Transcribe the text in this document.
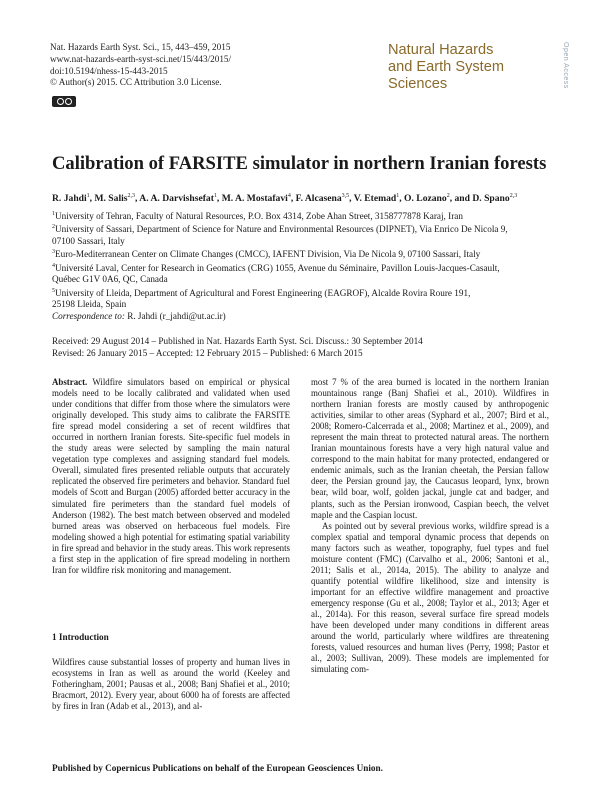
Nat. Hazards Earth Syst. Sci., 15, 443–459, 2015
www.nat-hazards-earth-syst-sci.net/15/443/2015/
doi:10.5194/nhess-15-443-2015
© Author(s) 2015. CC Attribution 3.0 License.
Natural Hazards
and Earth System
Sciences	Open Access
Calibration of FARSITE simulator in northern Iranian forests
R. Jahdi$^1$, M. Salis$^{2,3}$, A. A. Darvishsefat$^1$, M. A. Mostafavi$^4$, F. Alcasena$^{3,5}$, V. Etemad$^1$, O. Lozano$^2$, and D. Spano$^{2,3}$
$^1$University of Tehran, Faculty of Natural Resources, P.O. Box 4314, Zobe Ahan Street, 3158777878 Karaj, Iran
$^2$University of Sassari, Department of Science for Nature and Environmental Resources (DIPNET), Via Enrico De Nicola 9,
07100 Sassari, Italy
$^3$Euro-Mediterranean Center on Climate Changes (CMCC), IAFENT Division, Via De Nicola 9, 07100 Sassari, Italy
$^4$Université Laval, Center for Research in Geomatics (CRG) 1055, Avenue du Séminaire, Pavillon Louis-Jacques-Casault,
Québec G1V 0A6, QC, Canada
$^5$University of Lleida, Department of Agricultural and Forest Engineering (EAGROF), Alcalde Rovira Roure 191,
25198 Lleida, Spain
Correspondence to: R. Jahdi (r_jahdi@ut.ac.ir)
Received: 29 August 2014 – Published in Nat. Hazards Earth Syst. Sci. Discuss.: 30 September 2014
Revised: 26 January 2015 – Accepted: 12 February 2015 – Published: 6 March 2015

Abstract. Wildfire simulators based on empirical or physical models need to be locally calibrated and validated when used under conditions that differ from those where the simulators were originally developed. This study aims to calibrate the FARSITE fire spread model considering a set of recent wildfires that occurred in northern Iranian forests. Site-specific fuel models in the study areas were selected by sampling the main natural vegetation type complexes and assigning standard fuel models. Overall, simulated fires presented reliable outputs that accurately replicated the observed fire perimeters and behavior. Standard fuel models of Scott and Burgan (2005) afforded better accuracy in the simulated fire perimeters than the standard fuel models of Anderson (1982). The best match between observed and modeled burned areas was observed on herbaceous fuel models. Fire modeling showed a high potential for estimating spatial variability in fire spread and behavior in the study areas. This work represents a first step in the application of fire spread modeling in northern Iran for wildfire risk monitoring and management.

1 Introduction

Wildfires cause substantial losses of property and human lives in ecosystems in Iran as well as around the world (Keeley and Fotheringham, 2001; Pausas et al., 2008; Banj Shafiei et al., 2010; Bracmort, 2012). Every year, about 6000 ha of forests are affected by fires in Iran (Adab et al., 2013), and al-

most 7 % of the area burned is located in the northern Iranian mountainous range (Banj Shafiei et al., 2010). Wildfires in northern Iranian forests are mostly caused by anthropogenic activities, similar to other areas (Syphard et al., 2007; Bird et al., 2008; Romero-Calcerrada et al., 2008; Martinez et al., 2009), and represent the main threat to protected natural areas. The northern Iranian mountainous forests have a very high natural value and correspond to the main habitat for many protected, endangered or endemic animals, such as the Iranian cheetah, the Persian fallow deer, the Persian ground jay, the Caucasus leopard, lynx, brown bear, wild boar, wolf, golden jackal, jungle cat and badger, and plants, such as the Persian ironwood, Caspian beech, the velvet maple and the Caspian locust.

As pointed out by several previous works, wildfire spread is a complex spatial and temporal dynamic process that depends on many factors such as weather, topography, fuel types and fuel moisture content (FMC) (Carvalho et al., 2006; Santoni et al., 2011; Salis et al., 2014a, 2015). The ability to analyze and quantify potential wildfire likelihood, size and intensity is important for an effective wildfire management and proactive emergency response (Gu et al., 2008; Taylor et al., 2013; Ager et al., 2014a). For this reason, several surface fire spread models have been developed under many conditions in different areas around the world, particularly where wildfires are threatening forests, valued resources and human lives (Perry, 1998; Pastor et al., 2003; Sullivan, 2009). These models are implemented for simulating com-

Published by Copernicus Publications on behalf of the European Geosciences Union.
